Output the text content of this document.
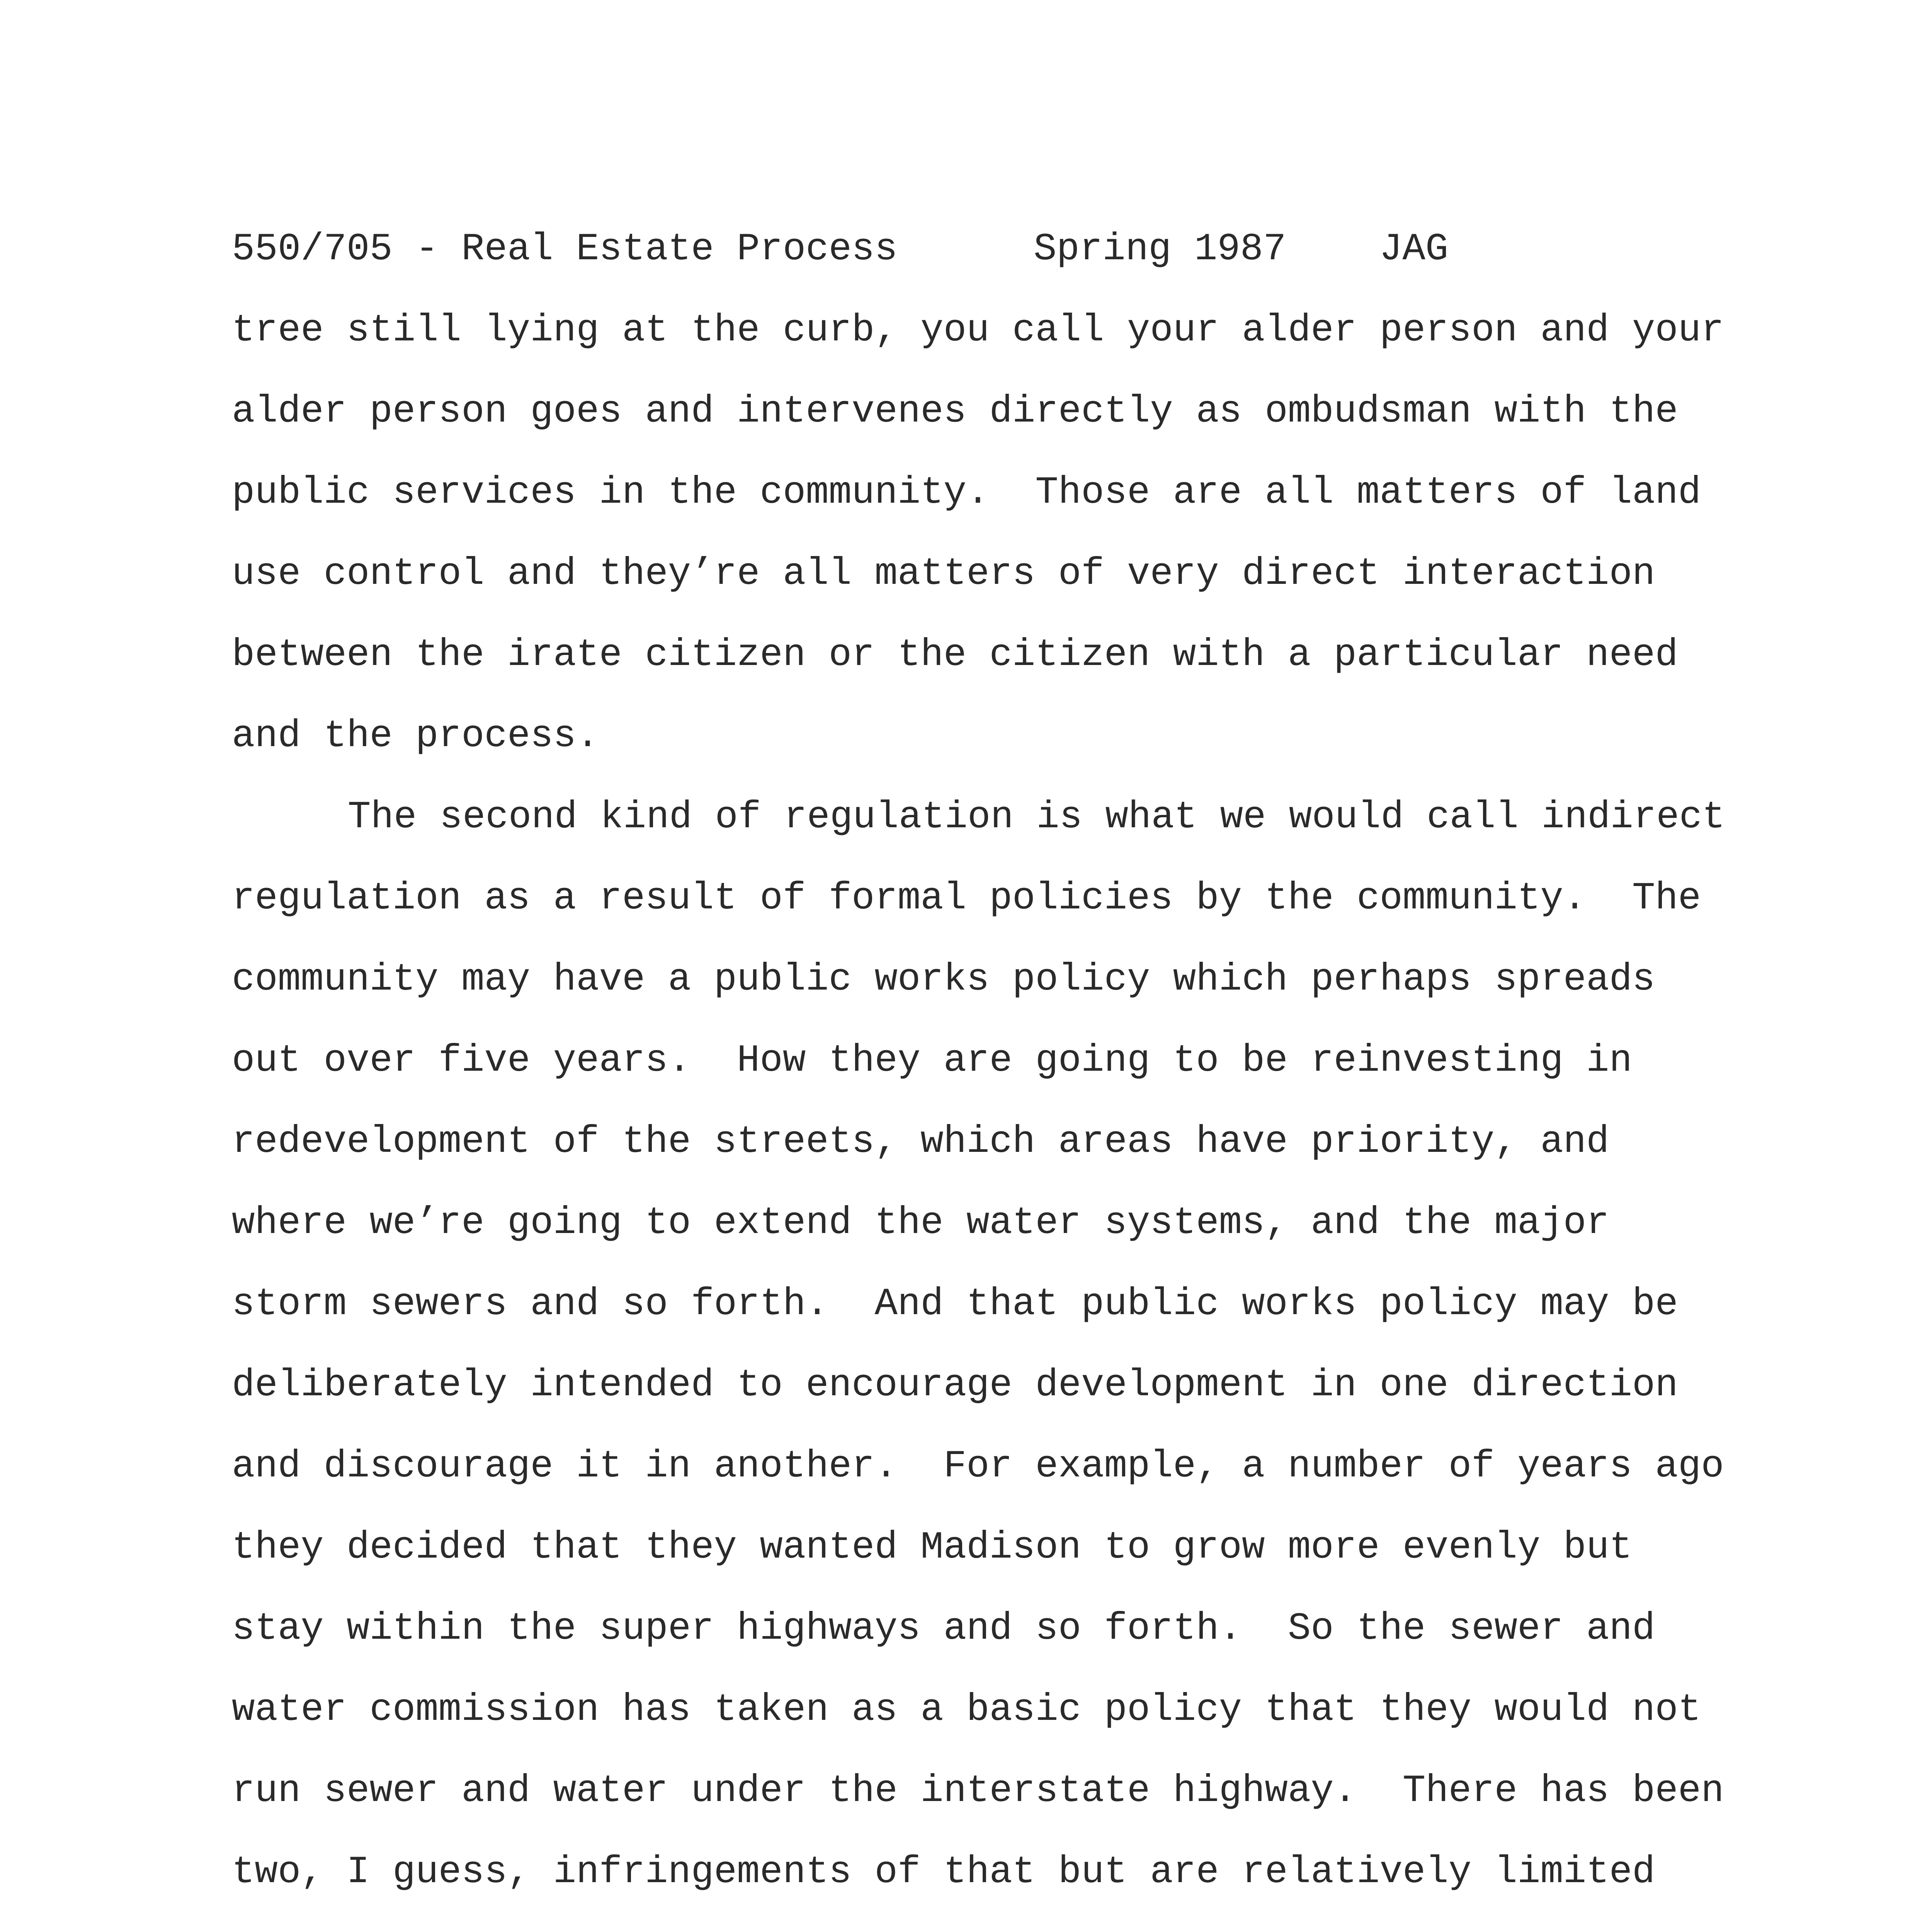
550/705 - Real Estate Process	Spring 1987 JAG
tree still lying at the curb, you call your alder person and your
alder person goes and intervenes directly as ombudsman with the
public services in the community.  Those are all matters of land
use control and they’re all matters of very direct interaction
between the irate citizen or the citizen with a particular need
and the process.
The second kind of regulation is what we would call indirect
regulation as a result of formal policies by the community.  The
community may have a public works policy which perhaps spreads
out over five years.  How they are going to be reinvesting in
redevelopment of the streets, which areas have priority, and
where we’re going to extend the water systems, and the major
storm sewers and so forth.  And that public works policy may be
deliberately intended to encourage development in one direction
and discourage it in another.  For example, a number of years ago
they decided that they wanted Madison to grow more evenly but
stay within the super highways and so forth.  So the sewer and
water commission has taken as a basic policy that they would not
run sewer and water under the interstate highway.  There has been
two, I guess, infringements of that but are relatively limited
